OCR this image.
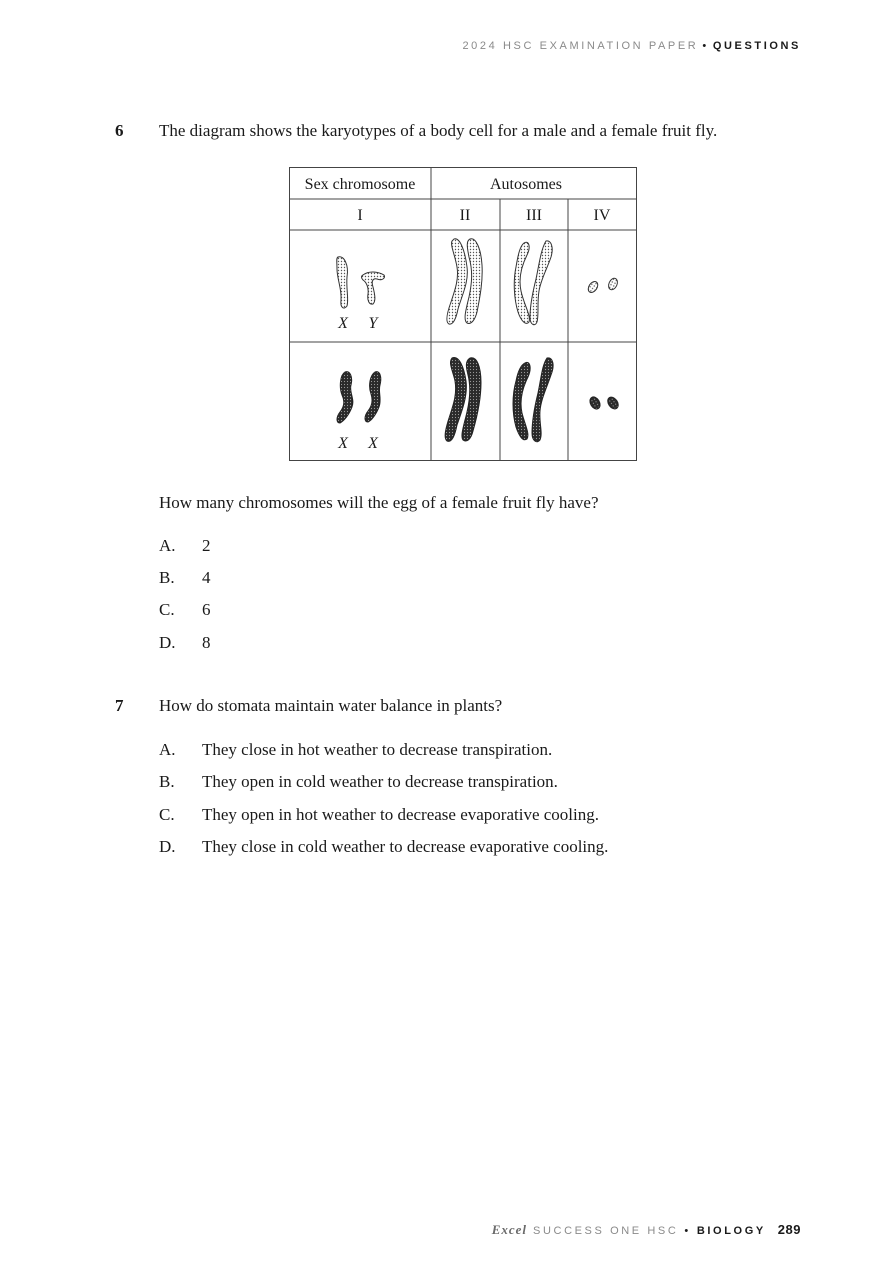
2024 HSC EXAMINATION PAPER • QUESTIONS
6 The diagram shows the karyotypes of a body cell for a male and a female fruit fly.
Sex chromosome	Autosomes
I	II	III	IV
X Y
X X
How many chromosomes will the egg of a female fruit fly have?
A. 2
B. 4
C. 6
D. 8
7 How do stomata maintain water balance in plants?
A. They close in hot weather to decrease transpiration.
B. They open in cold weather to decrease transpiration.
C. They open in hot weather to decrease evaporative cooling.
D. They close in cold weather to decrease evaporative cooling.
Excel SUCCESS ONE HSC • BIOLOGY 289
